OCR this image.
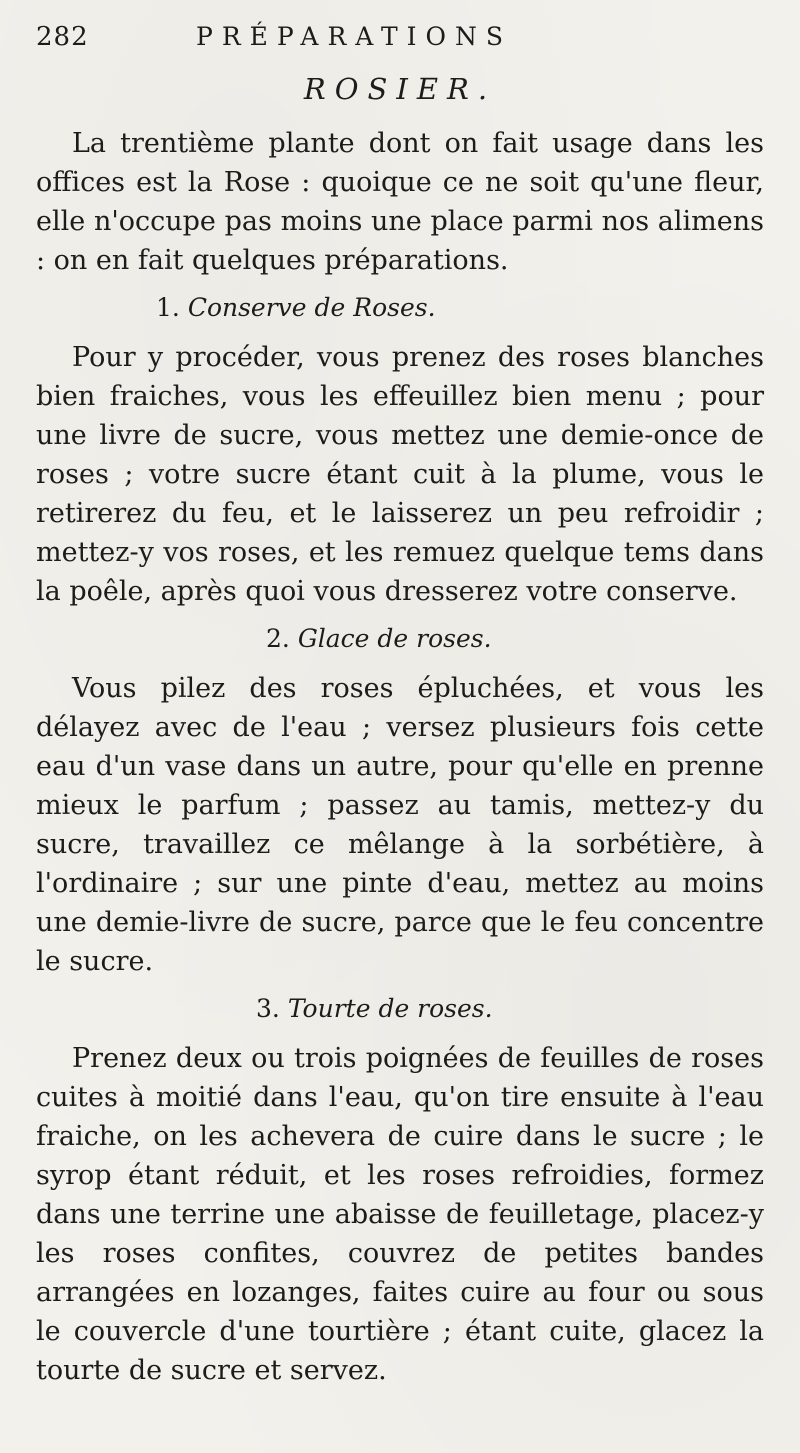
282	PRÉPARATIONS
ROSIER.

La trentième plante dont on fait usage dans les offices est la Rose : quoique ce ne soit qu'une fleur, elle n'occupe pas moins une place parmi nos alimens : on en fait quelques préparations.

1. Conserve de Roses.

Pour y procéder, vous prenez des roses blanches bien fraiches, vous les effeuillez bien menu ; pour une livre de sucre, vous mettez une demie-once de roses ; votre sucre étant cuit à la plume, vous le retirerez du feu, et le laisserez un peu refroidir ; mettez-y vos roses, et les remuez quelque tems dans la poêle, après quoi vous dresserez votre conserve.

2. Glace de roses.

Vous pilez des roses épluchées, et vous les délayez avec de l'eau ; versez plusieurs fois cette eau d'un vase dans un autre, pour qu'elle en prenne mieux le parfum ; passez au tamis, mettez-y du sucre, travaillez ce mêlange à la sorbétière, à l'ordinaire ; sur une pinte d'eau, mettez au moins une demie-livre de sucre, parce que le feu concentre le sucre.

3. Tourte de roses.

Prenez deux ou trois poignées de feuilles de roses cuites à moitié dans l'eau, qu'on tire ensuite à l'eau fraiche, on les achevera de cuire dans le sucre ; le syrop étant réduit, et les roses refroidies, formez dans une terrine une abaisse de feuilletage, placez-y les roses confites, couvrez de petites bandes arrangées en lozanges, faites cuire au four ou sous le couvercle d'une tourtière ; étant cuite, glacez la tourte de sucre et servez.
